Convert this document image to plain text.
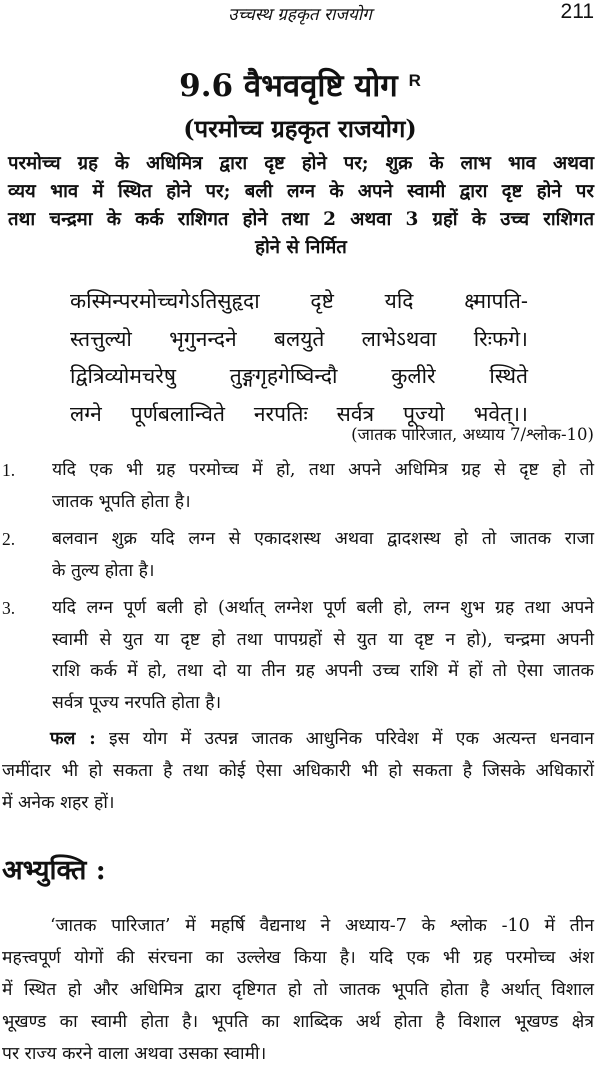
उच्चस्थ ग्रहकृत राजयोग	211
9.6 वैभववृष्टि योग $^R$
(परमोच्च ग्रहकृत राजयोग)
परमोच्च ग्रह के अधिमित्र द्वारा दृष्ट होने पर; शुक्र के लाभ भाव अथवा
व्यय भाव में स्थित होने पर; बली लग्न के अपने स्वामी द्वारा दृष्ट होने पर
तथा चन्द्रमा के कर्क राशिगत होने तथा 2 अथवा 3 ग्रहों के उच्च राशिगत
होने से निर्मित
कस्मिन्परमोच्चगेऽतिसुहृदा दृष्टे यदि क्ष्मापति-
स्तत्तुल्यो भृगुनन्दने बलयुते लाभेऽथवा रिःफगे।
द्वित्रिव्योमचरेषु तुङ्गगृहगेष्विन्दौ कुलीरे स्थिते
लग्ने पूर्णबलान्विते नरपतिः सर्वत्र पूज्यो भवेत्।।
(जातक पारिजात, अध्याय 7/श्लोक-10)
1.	यदि एक भी ग्रह परमोच्च में हो, तथा अपने अधिमित्र ग्रह से दृष्ट हो तो
जातक भूपति होता है।
2.	बलवान शुक्र यदि लग्न से एकादशस्थ अथवा द्वादशस्थ हो तो जातक राजा
के तुल्य होता है।
3.	यदि लग्न पूर्ण बली हो (अर्थात् लग्नेश पूर्ण बली हो, लग्न शुभ ग्रह तथा अपने
स्वामी से युत या दृष्ट हो तथा पापग्रहों से युत या दृष्ट न हो), चन्द्रमा अपनी
राशि कर्क में हो, तथा दो या तीन ग्रह अपनी उच्च राशि में हों तो ऐसा जातक
सर्वत्र पूज्य नरपति होता है।
फल : इस योग में उत्पन्न जातक आधुनिक परिवेश में एक अत्यन्त धनवान
जमींदार भी हो सकता है तथा कोई ऐसा अधिकारी भी हो सकता है जिसके अधिकारों
में अनेक शहर हों।
अभ्युक्ति :
‘जातक पारिजात’ में महर्षि वैद्यनाथ ने अध्याय-7 के श्लोक -10 में तीन
महत्त्वपूर्ण योगों की संरचना का उल्लेख किया है। यदि एक भी ग्रह परमोच्च अंश
में स्थित हो और अधिमित्र द्वारा दृष्टिगत हो तो जातक भूपति होता है अर्थात् विशाल
भूखण्ड का स्वामी होता है। भूपति का शाब्दिक अर्थ होता है विशाल भूखण्ड क्षेत्र
पर राज्य करने वाला अथवा उसका स्वामी।
